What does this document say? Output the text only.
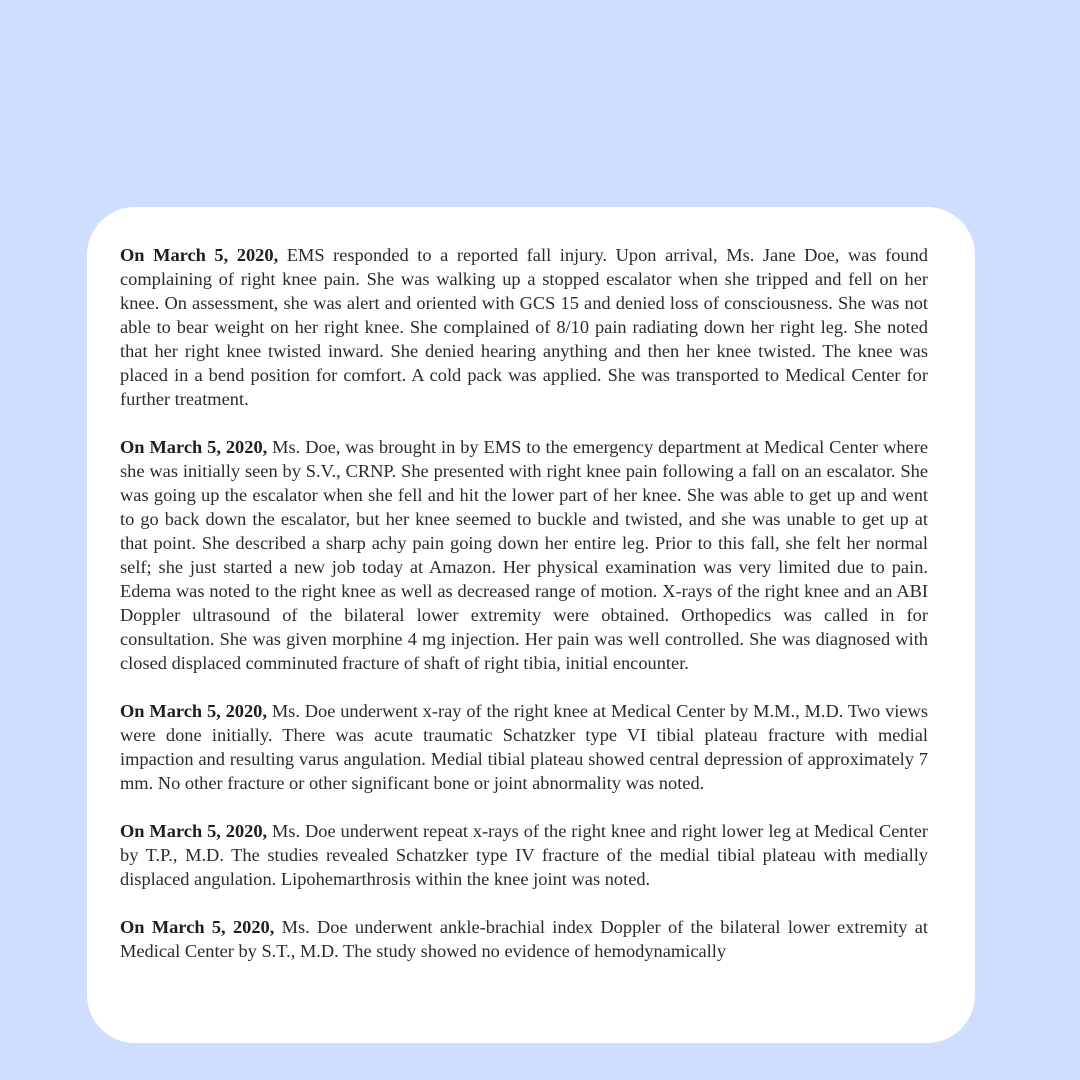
On March 5, 2020, EMS responded to a reported fall injury. Upon arrival, Ms. Jane Doe, was found complaining of right knee pain. She was walking up a stopped escalator when she tripped and fell on her knee. On assessment, she was alert and oriented with GCS 15 and denied loss of consciousness. She was not able to bear weight on her right knee. She complained of 8/10 pain radiating down her right leg. She noted that her right knee twisted inward. She denied hearing anything and then her knee twisted. The knee was placed in a bend position for comfort. A cold pack was applied. She was transported to Medical Center for further treatment.

On March 5, 2020, Ms. Doe, was brought in by EMS to the emergency department at Medical Center where she was initially seen by S.V., CRNP. She presented with right knee pain following a fall on an escalator. She was going up the escalator when she fell and hit the lower part of her knee. She was able to get up and went to go back down the escalator, but her knee seemed to buckle and twisted, and she was unable to get up at that point. She described a sharp achy pain going down her entire leg. Prior to this fall, she felt her normal self; she just started a new job today at Amazon. Her physical examination was very limited due to pain. Edema was noted to the right knee as well as decreased range of motion. X-rays of the right knee and an ABI Doppler ultrasound of the bilateral lower extremity were obtained. Orthopedics was called in for consultation. She was given morphine 4 mg injection. Her pain was well controlled. She was diagnosed with closed displaced comminuted fracture of shaft of right tibia, initial encounter.

On March 5, 2020, Ms. Doe underwent x-ray of the right knee at Medical Center by M.M., M.D. Two views were done initially. There was acute traumatic Schatzker type VI tibial plateau fracture with medial impaction and resulting varus angulation. Medial tibial plateau showed central depression of approximately 7 mm. No other fracture or other significant bone or joint abnormality was noted.

On March 5, 2020, Ms. Doe underwent repeat x-rays of the right knee and right lower leg at Medical Center by T.P., M.D. The studies revealed Schatzker type IV fracture of the medial tibial plateau with medially displaced angulation. Lipohemarthrosis within the knee joint was noted.

On March 5, 2020, Ms. Doe underwent ankle-brachial index Doppler of the bilateral lower extremity at Medical Center by S.T., M.D. The study showed no evidence of hemodynamically
